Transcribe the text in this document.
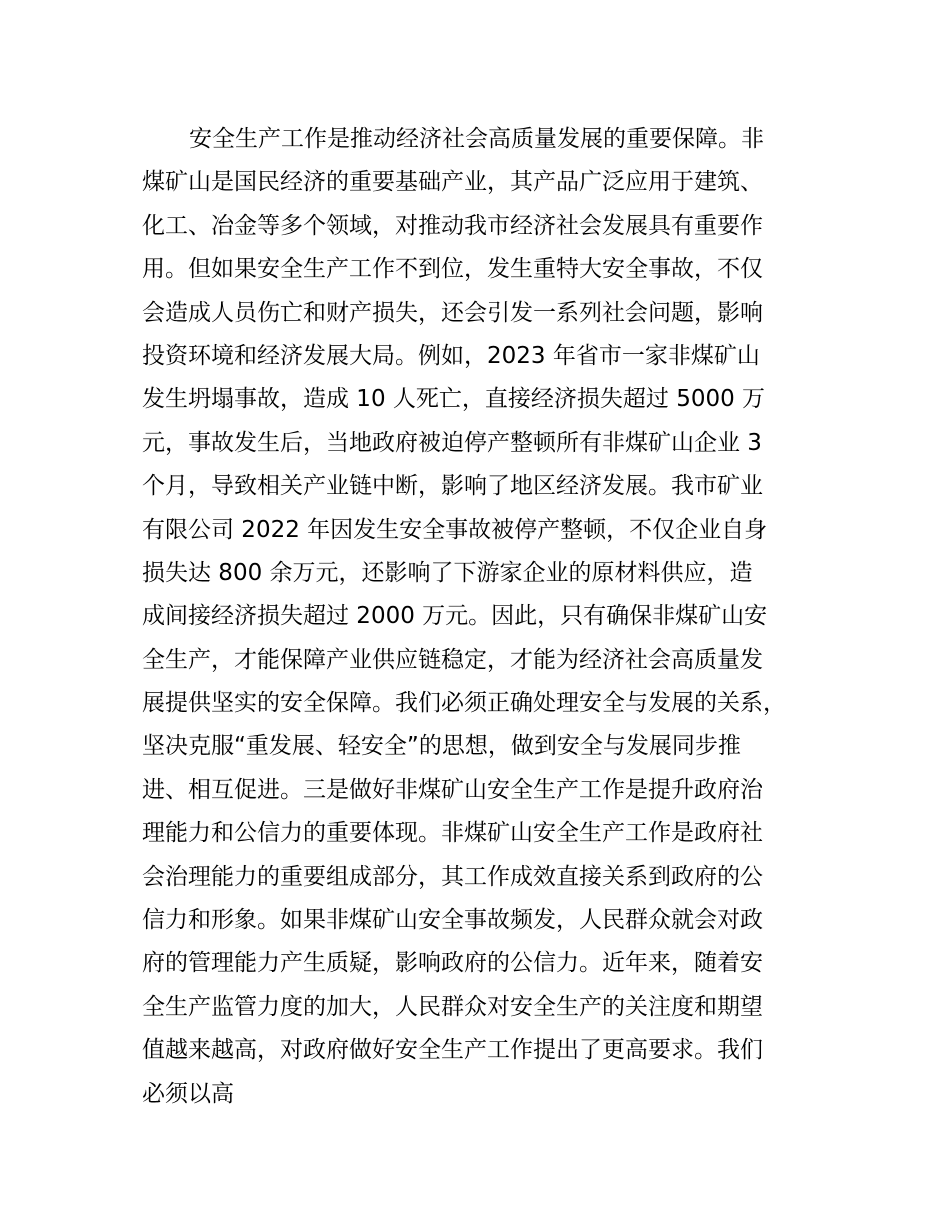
安全生产工作是推动经济社会高质量发展的重要保障。非
煤矿山是国民经济的重要基础产业，其产品广泛应用于建筑、
化工、冶金等多个领域，对推动我市经济社会发展具有重要作
用。但如果安全生产工作不到位，发生重特大安全事故，不仅
会造成人员伤亡和财产损失，还会引发一系列社会问题，影响
投资环境和经济发展大局。例如，2023 年省市一家非煤矿山
发生坍塌事故，造成 10 人死亡，直接经济损失超过 5000 万
元，事故发生后，当地政府被迫停产整顿所有非煤矿山企业 3
个月，导致相关产业链中断，影响了地区经济发展。我市矿业
有限公司 2022 年因发生安全事故被停产整顿，不仅企业自身
损失达 800 余万元，还影响了下游家企业的原材料供应，造
成间接经济损失超过 2000 万元。因此，只有确保非煤矿山安
全生产，才能保障产业供应链稳定，才能为经济社会高质量发
展提供坚实的安全保障。我们必须正确处理安全与发展的关系，
坚决克服“重发展、轻安全”的思想，做到安全与发展同步推
进、相互促进。三是做好非煤矿山安全生产工作是提升政府治
理能力和公信力的重要体现。非煤矿山安全生产工作是政府社
会治理能力的重要组成部分，其工作成效直接关系到政府的公
信力和形象。如果非煤矿山安全事故频发，人民群众就会对政
府的管理能力产生质疑，影响政府的公信力。近年来，随着安
全生产监管力度的加大，人民群众对安全生产的关注度和期望
值越来越高，对政府做好安全生产工作提出了更高要求。我们
必须以高
